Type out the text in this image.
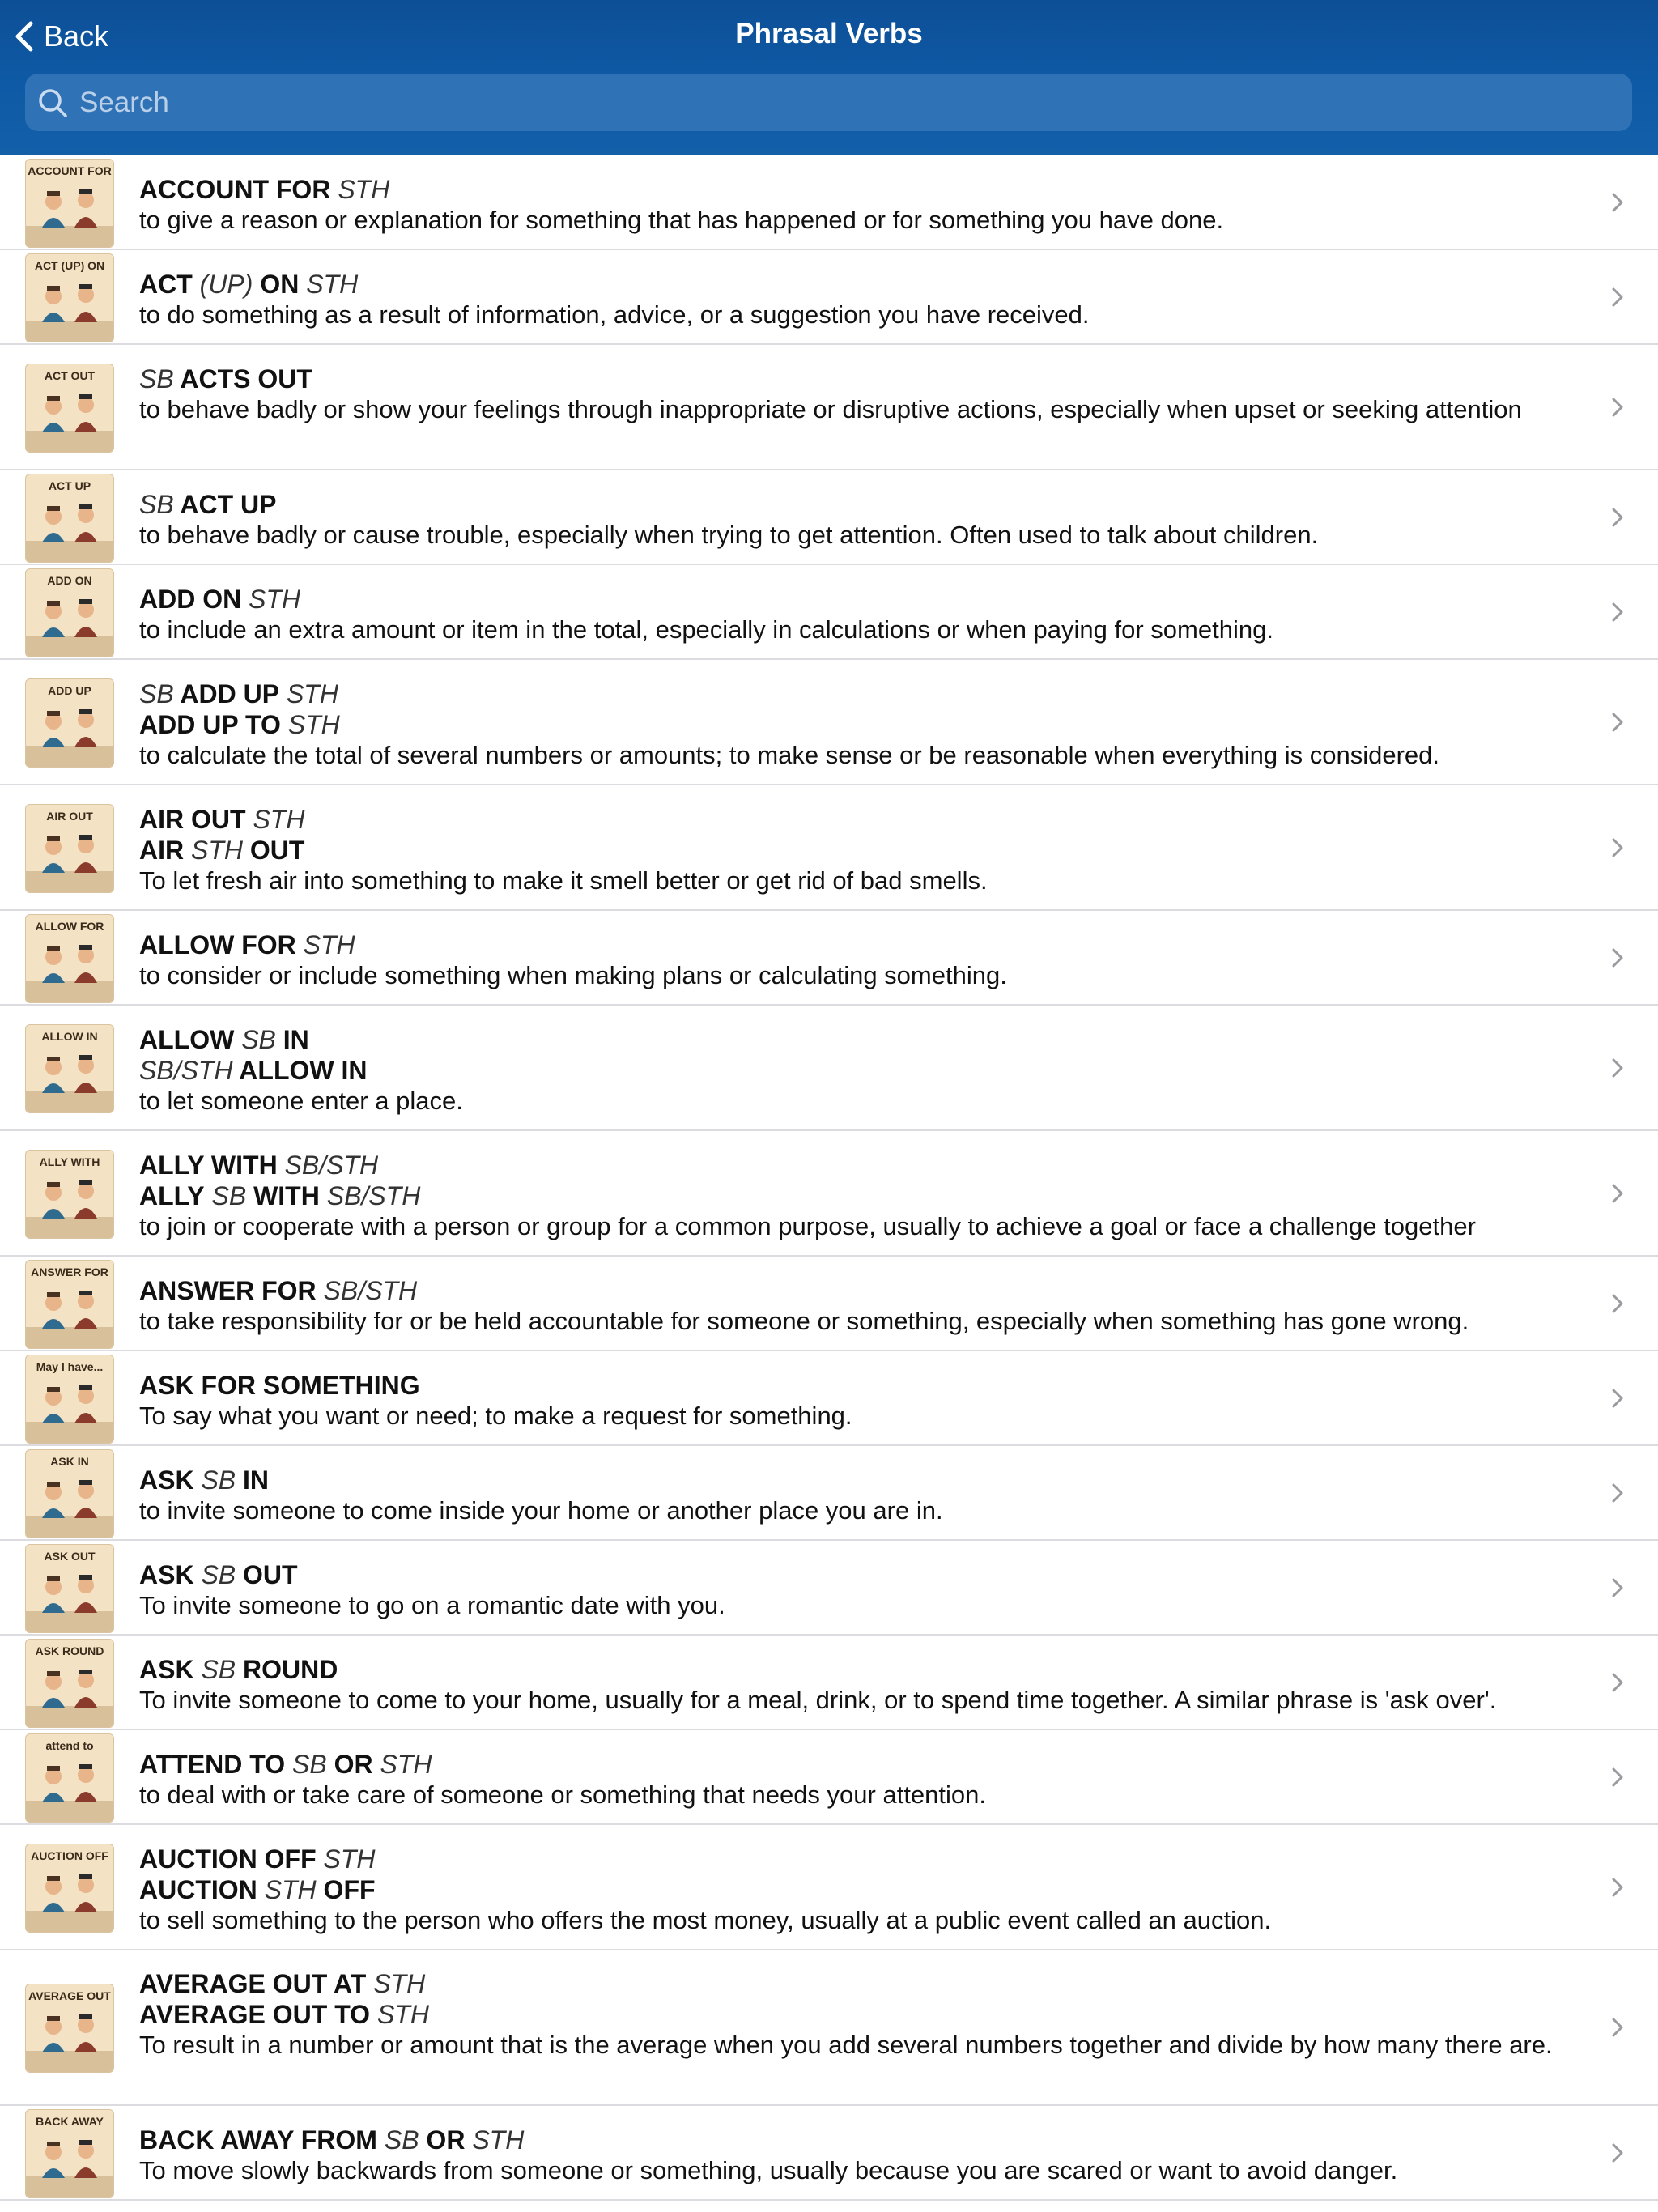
Back	Phrasal Verbs
Search
ACCOUNT FOR
ACCOUNT FOR STH
to give a reason or explanation for something that has happened or for something you have done.
ACT (UP) ON
ACT (UP) ON STH
to do something as a result of information, advice, or a suggestion you have received.
ACT OUT	SB ACTS OUT
to behave badly or show your feelings through inappropriate or disruptive actions, especially when upset or seeking attention
ACT UP
SB ACT UP
to behave badly or cause trouble, especially when trying to get attention. Often used to talk about children.
ADD ON
ADD ON STH
to include an extra amount or item in the total, especially in calculations or when paying for something.
ADD UP	SB ADD UP STH
ADD UP TO STH
to calculate the total of several numbers or amounts; to make sense or be reasonable when everything is considered.
AIR OUT	AIR OUT STH
AIR STH OUT
To let fresh air into something to make it smell better or get rid of bad smells.
ALLOW FOR
ALLOW FOR STH
to consider or include something when making plans or calculating something.
ALLOW IN	ALLOW SB IN
SB/STH ALLOW IN
to let someone enter a place.
ALLY WITH	ALLY WITH SB/STH
ALLY SB WITH SB/STH
to join or cooperate with a person or group for a common purpose, usually to achieve a goal or face a challenge together
ANSWER FOR
ANSWER FOR SB/STH
to take responsibility for or be held accountable for someone or something, especially when something has gone wrong.
May I have...
ASK FOR SOMETHING
To say what you want or need; to make a request for something.
ASK IN
ASK SB IN
to invite someone to come inside your home or another place you are in.
ASK OUT
ASK SB OUT
To invite someone to go on a romantic date with you.
ASK ROUND
ASK SB ROUND
To invite someone to come to your home, usually for a meal, drink, or to spend time together. A similar phrase is 'ask over'.
attend to
ATTEND TO SB OR STH
to deal with or take care of someone or something that needs your attention.
AUCTION OFF AUCTION OFF STH
AUCTION STH OFF
to sell something to the person who offers the most money, usually at a public event called an auction.
AVERAGE OUT AVERAGE OUT AT STH
AVERAGE OUT TO STH
To result in a number or amount that is the average when you add several numbers together and divide by how many there are.
BACK AWAY
BACK AWAY FROM SB OR STH
To move slowly backwards from someone or something, usually because you are scared or want to avoid danger.
